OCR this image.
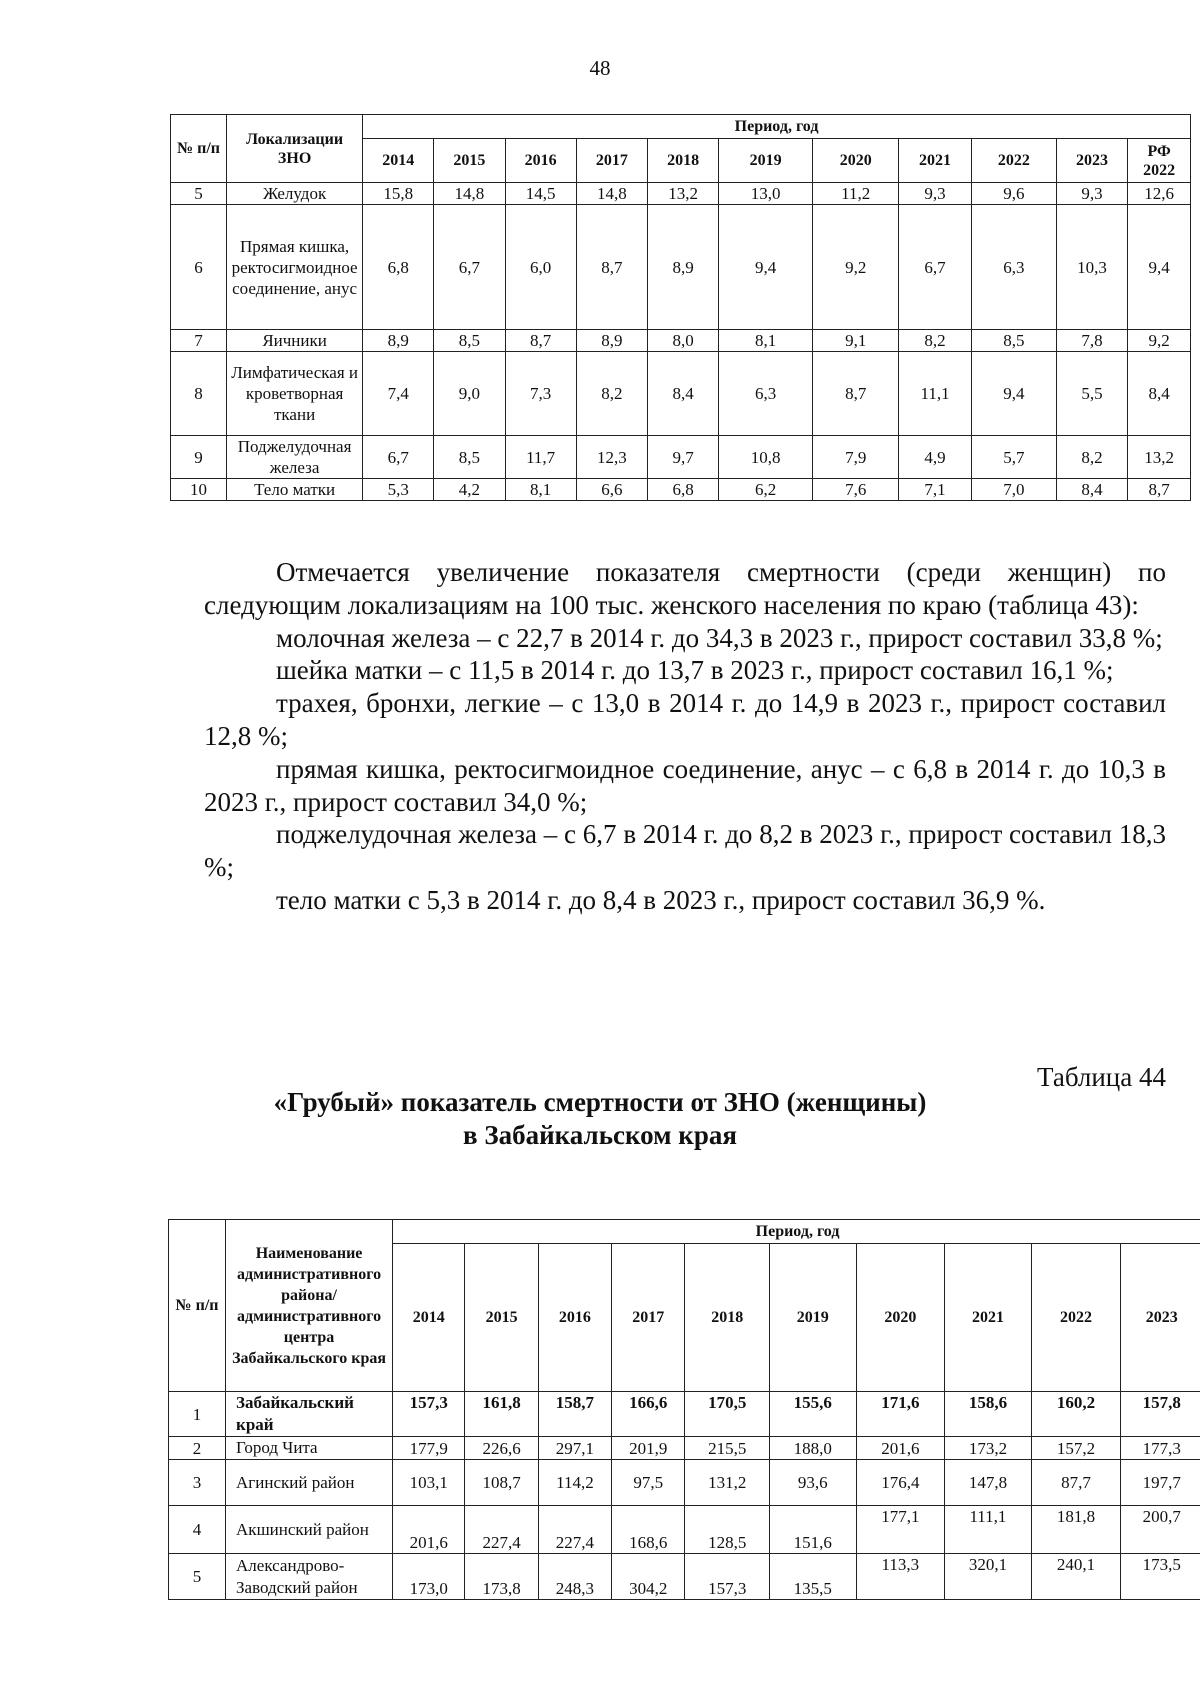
48
№ п/п	Локализации ЗНО	Период, год										
		2014	2015	2016	2017	2018	2019	2020	2021	2022	2023	РФ 2022
5	Желудок	15,8	14,8	14,5	14,8	13,2	13,0	11,2	9,3	9,6	9,3	12,6
6	Прямая кишка, ректосигмоидное соединение, анус	6,8	6,7	6,0	8,7	8,9	9,4	9,2	6,7	6,3	10,3	9,4
7	Яичники	8,9	8,5	8,7	8,9	8,0	8,1	9,1	8,2	8,5	7,8	9,2
8	Лимфатическая и кроветворная ткани	7,4	9,0	7,3	8,2	8,4	6,3	8,7	11,1	9,4	5,5	8,4
9	Поджелудочная железа	6,7	8,5	11,7	12,3	9,7	10,8	7,9	4,9	5,7	8,2	13,2
10	Тело матки	5,3	4,2	8,1	6,6	6,8	6,2	7,6	7,1	7,0	8,4	8,7

Отмечается увеличение показателя смертности (среди женщин) по следующим локализациям на 100 тыс. женского населения по краю (таблица 43):

молочная железа – с 22,7 в 2014 г. до 34,3 в 2023 г., прирост составил 33,8 %;

шейка матки – с 11,5 в 2014 г. до 13,7 в 2023 г., прирост составил 16,1 %;

трахея, бронхи, легкие – с 13,0 в 2014 г. до 14,9 в 2023 г., прирост составил 12,8 %;

прямая кишка, ректосигмоидное соединение, анус – с 6,8 в 2014 г. до 10,3 в 2023 г., прирост составил 34,0 %;

поджелудочная железа – с 6,7 в 2014 г. до 8,2 в 2023 г., прирост составил 18,3 %;

тело матки с 5,3 в 2014 г. до 8,4 в 2023 г., прирост составил 36,9 %.

Таблица 44
«Грубый» показатель смертности от ЗНО (женщины)
в Забайкальском края
№ п/п	Наименование административного района/ административного центра Забайкальского края	Период, год									
		2014	2015	2016	2017	2018	2019	2020	2021	2022	2023
1	Забайкальский край	157,3	161,8	158,7	166,6	170,5	155,6	171,6	158,6	160,2	157,8
2	Город Чита	177,9	226,6	297,1	201,9	215,5	188,0	201,6	173,2	157,2	177,3
3	Агинский район	103,1	108,7	114,2	97,5	131,2	93,6	176,4	147,8	87,7	197,7
4	Акшинский район	201,6	227,4	227,4	168,6	128,5	151,6	177,1	111,1	181,8	200,7
5	Александрово-Заводский район	173,0	173,8	248,3	304,2	157,3	135,5	113,3	320,1	240,1	173,5
